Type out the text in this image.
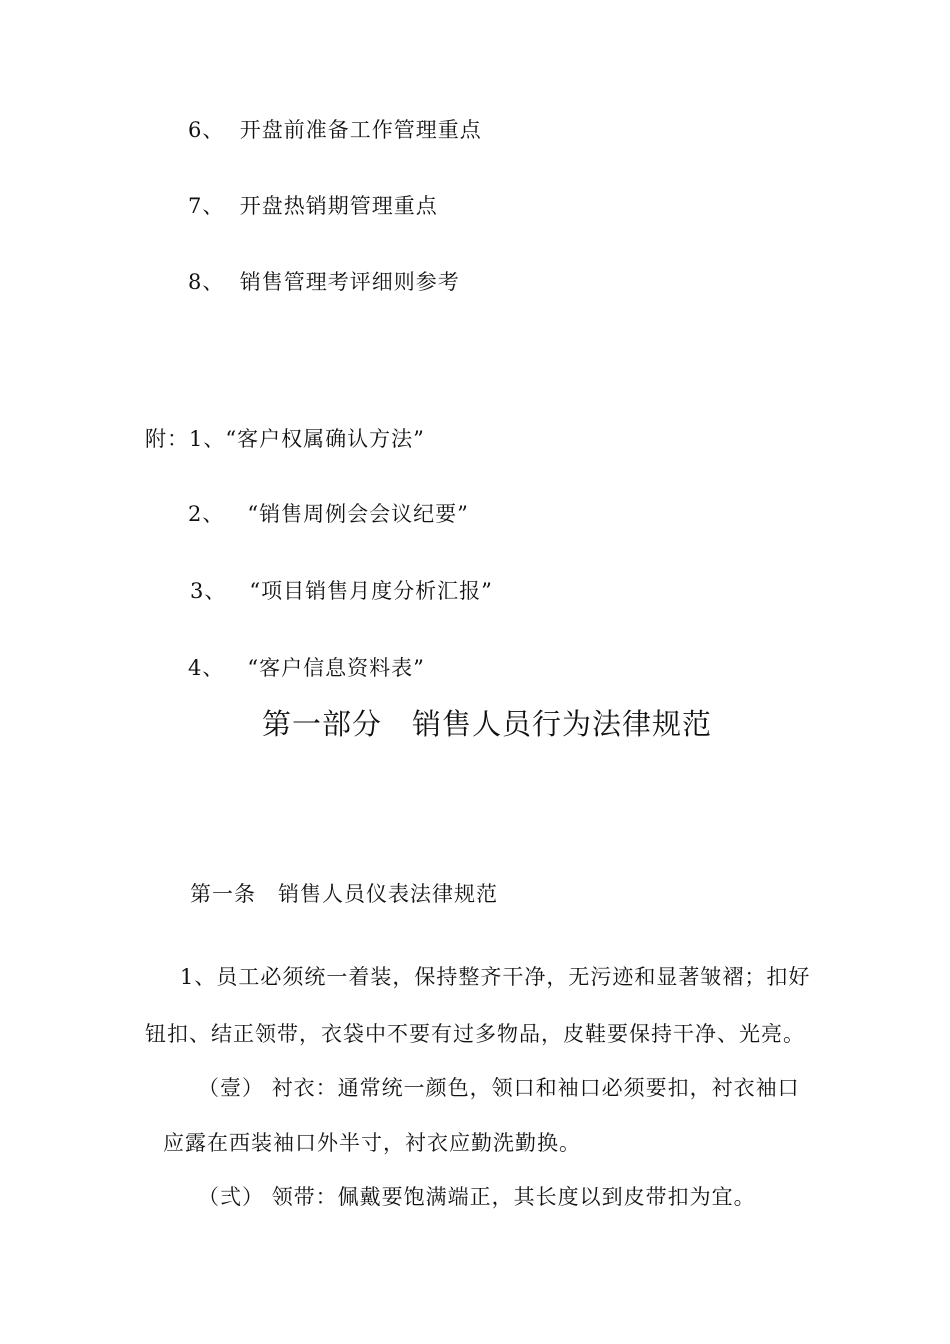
6、 开盘前准备工作管理重点
7、 开盘热销期管理重点
8、 销售管理考评细则参考
附：1、“客户权属确认方法”
2、 “销售周例会会议纪要”
3、 “项目销售月度分析汇报”
4、 “客户信息资料表”
第一部分　销售人员行为法律规范
第一条　销售人员仪表法律规范
1、员工必须统一着装，保持整齐干净，无污迹和显著皱褶；扣好
钮扣、结正领带，衣袋中不要有过多物品，皮鞋要保持干净、光亮。
（壹） 衬衣：通常统一颜色，领口和袖口必须要扣，衬衣袖口
应露在西装袖口外半寸，衬衣应勤洗勤换。
（弍） 领带：佩戴要饱满端正，其长度以到皮带扣为宜。
